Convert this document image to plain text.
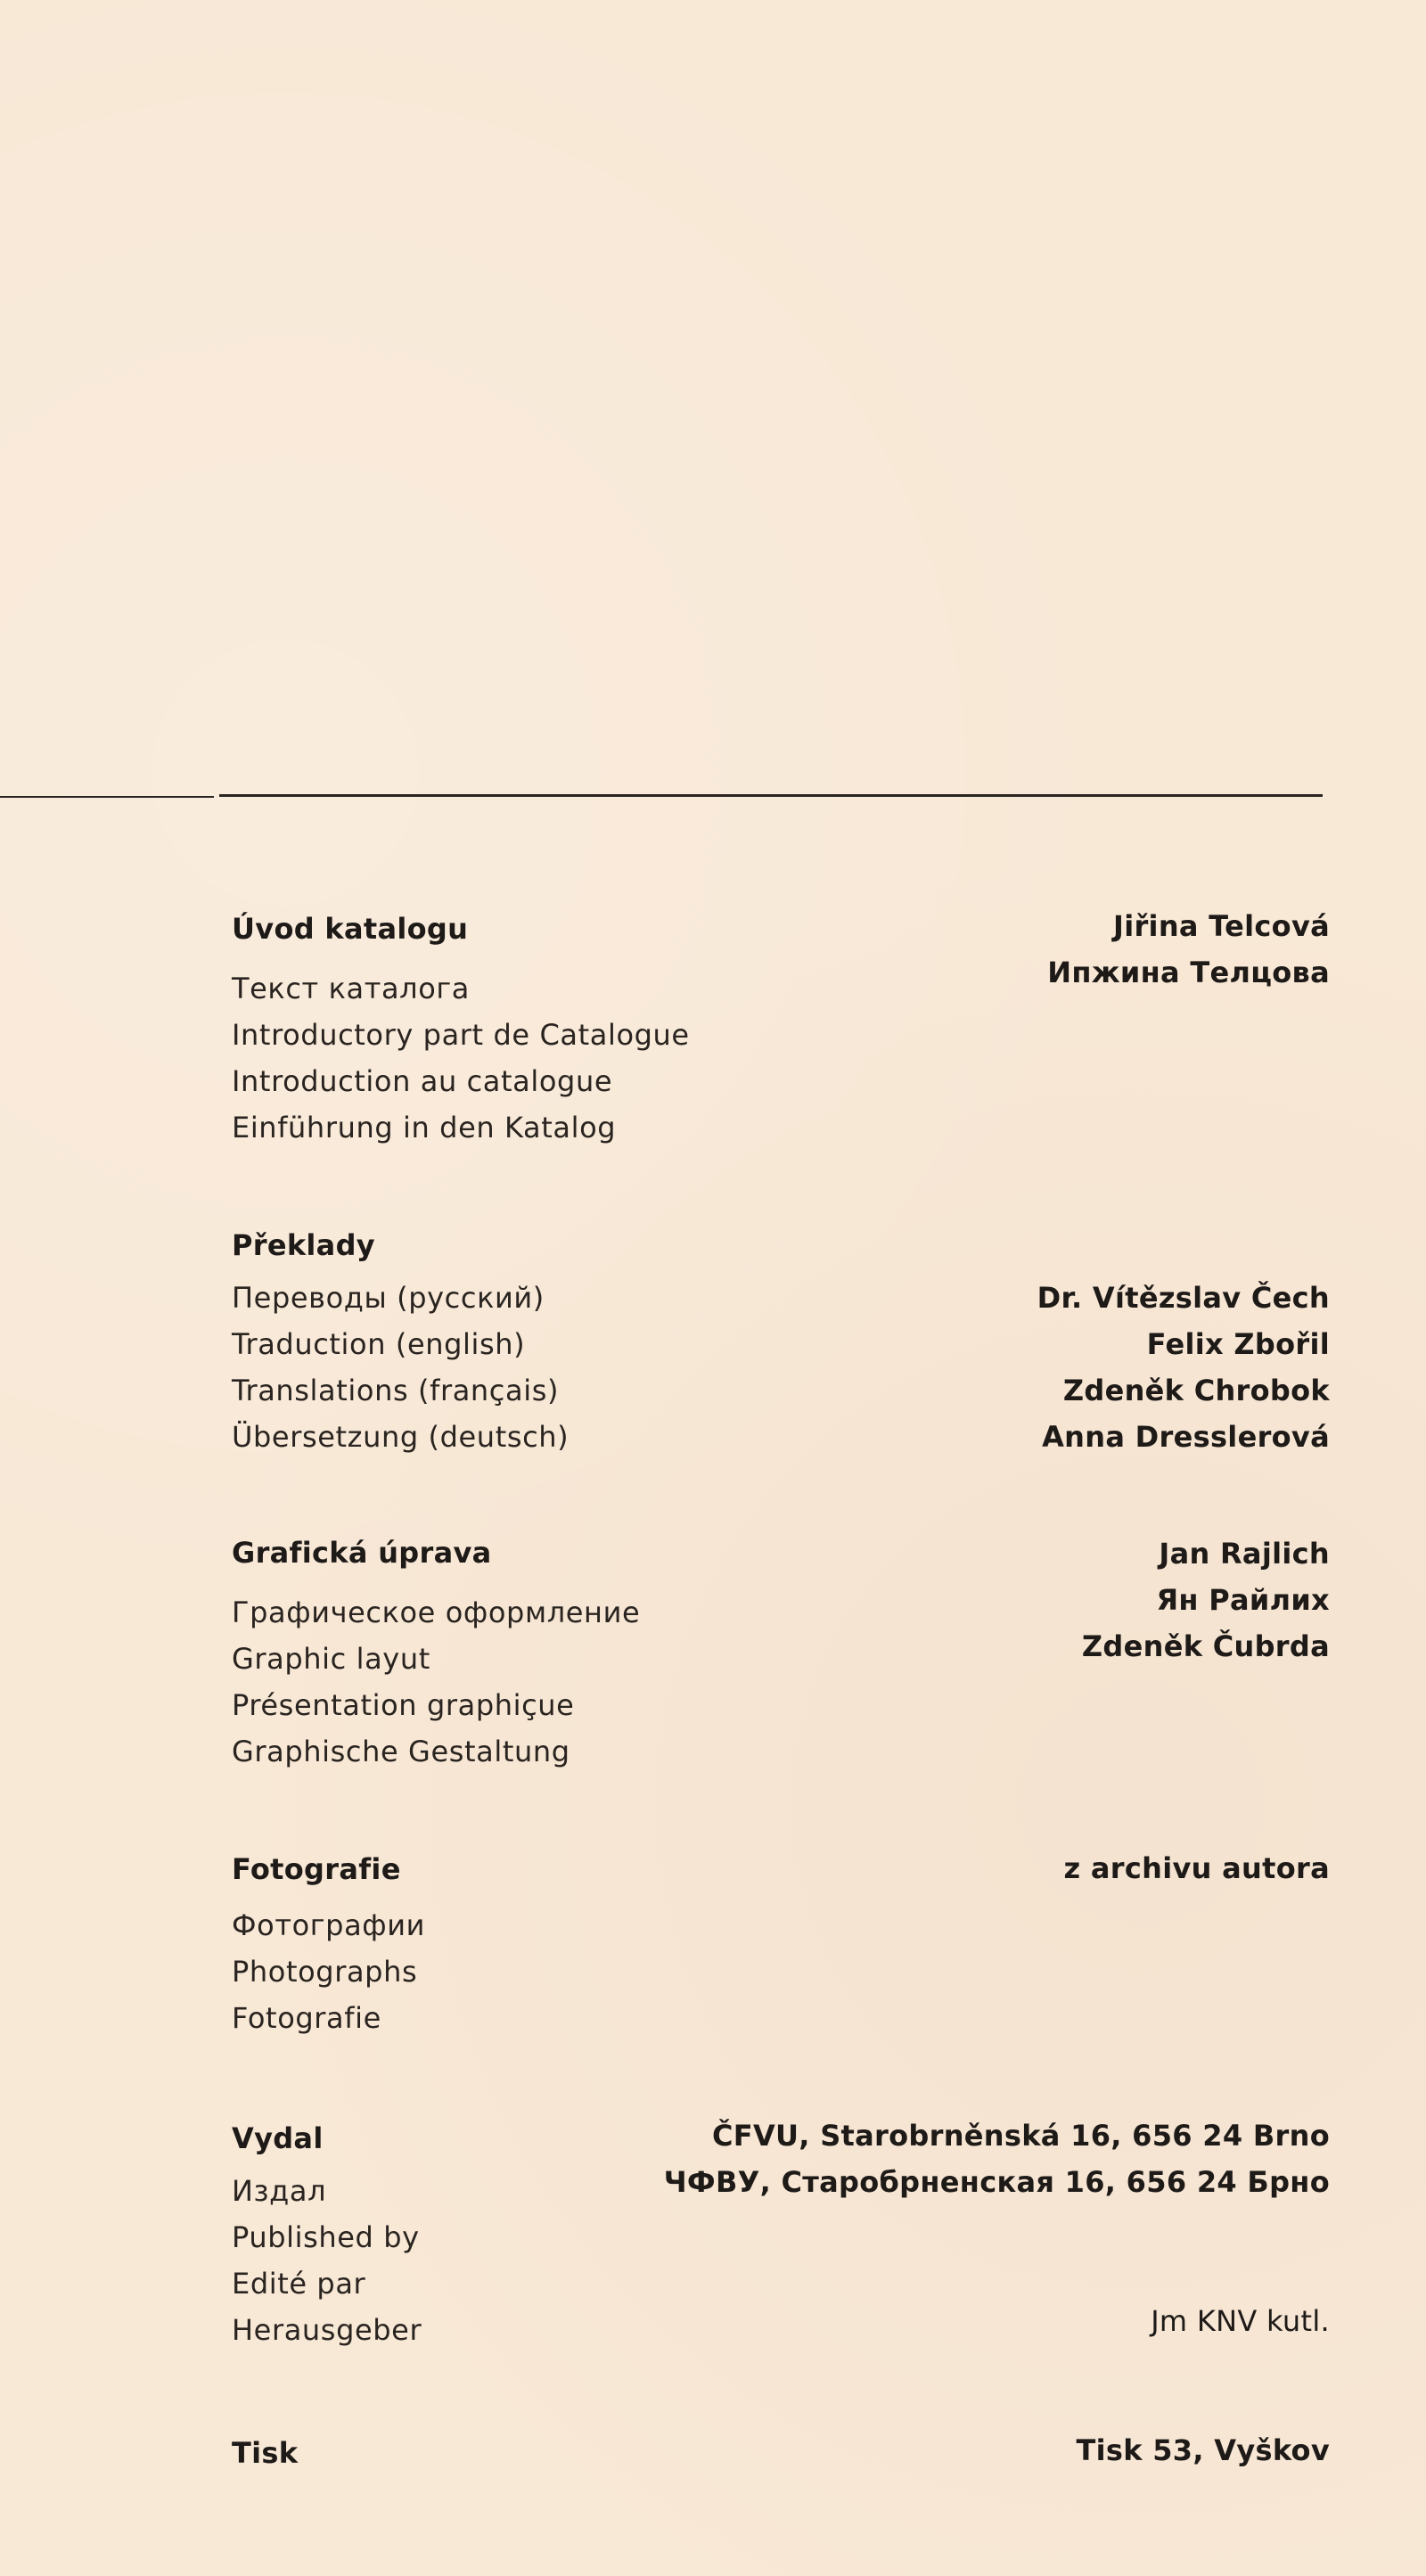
Úvod katalogu
Текст каталога
Introductory part de Catalogue
Introduction au catalogue
Einführung in den Katalog
Jiřina Telcová
Ипжина Телцова
Překlady
Переводы (русский)
Traduction (english)
Translations (français)
Übersetzung (deutsch)
Dr. Vítězslav Čech
Felix Zbořil
Zdeněk Chrobok
Anna Dresslerová
Grafická úprava
Графическое оформление
Graphic layut
Présentation graphiçue
Graphische Gestaltung
Jan Rajlich
Ян Райлих
Zdeněk Čubrda
Fotografie
Фотографии
Photographs
Fotografie
z archivu autora
Vydal
Издал
Published by
Edité par
Herausgeber
ČFVU, Starobrněnská 16, 656 24 Brno
ЧФВУ, Старобрненская 16, 656 24 Брно
Jm KNV kutl.
Tisk	Tisk 53, Vyškov
